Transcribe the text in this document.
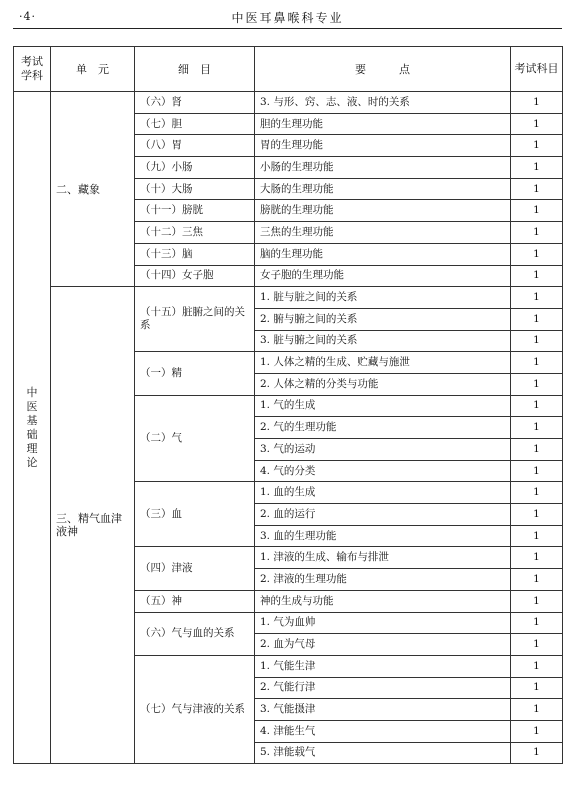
·4·	中医耳鼻喉科专业
考试学科	单　元	细　目	要　　　点	考试科目
中医基础理论	二、藏象	（六）肾	3. 与形、窍、志、液、时的关系	1
		（七）胆	胆的生理功能	1
		（八）胃	胃的生理功能	1
		（九）小肠	小肠的生理功能	1
		（十）大肠	大肠的生理功能	1
		（十一）膀胱	膀胱的生理功能	1
		（十二）三焦	三焦的生理功能	1
		（十三）脑	脑的生理功能	1
		（十四）女子胞	女子胞的生理功能	1
	三、精气血津液神	（十五）脏腑之间的关系	1. 脏与脏之间的关系	1
			2. 腑与腑之间的关系	1
			3. 脏与腑之间的关系	1
		（一）精	1. 人体之精的生成、贮藏与施泄	1
			2. 人体之精的分类与功能	1
		（二）气	1. 气的生成	1
			2. 气的生理功能	1
			3. 气的运动	1
			4. 气的分类	1
		（三）血	1. 血的生成	1
			2. 血的运行	1
			3. 血的生理功能	1
		（四）津液	1. 津液的生成、输布与排泄	1
			2. 津液的生理功能	1
		（五）神	神的生成与功能	1
		（六）气与血的关系	1. 气为血帅	1
			2. 血为气母	1
		（七）气与津液的关系	1. 气能生津	1
			2. 气能行津	1
			3. 气能摄津	1
			4. 津能生气	1
			5. 津能载气	1
